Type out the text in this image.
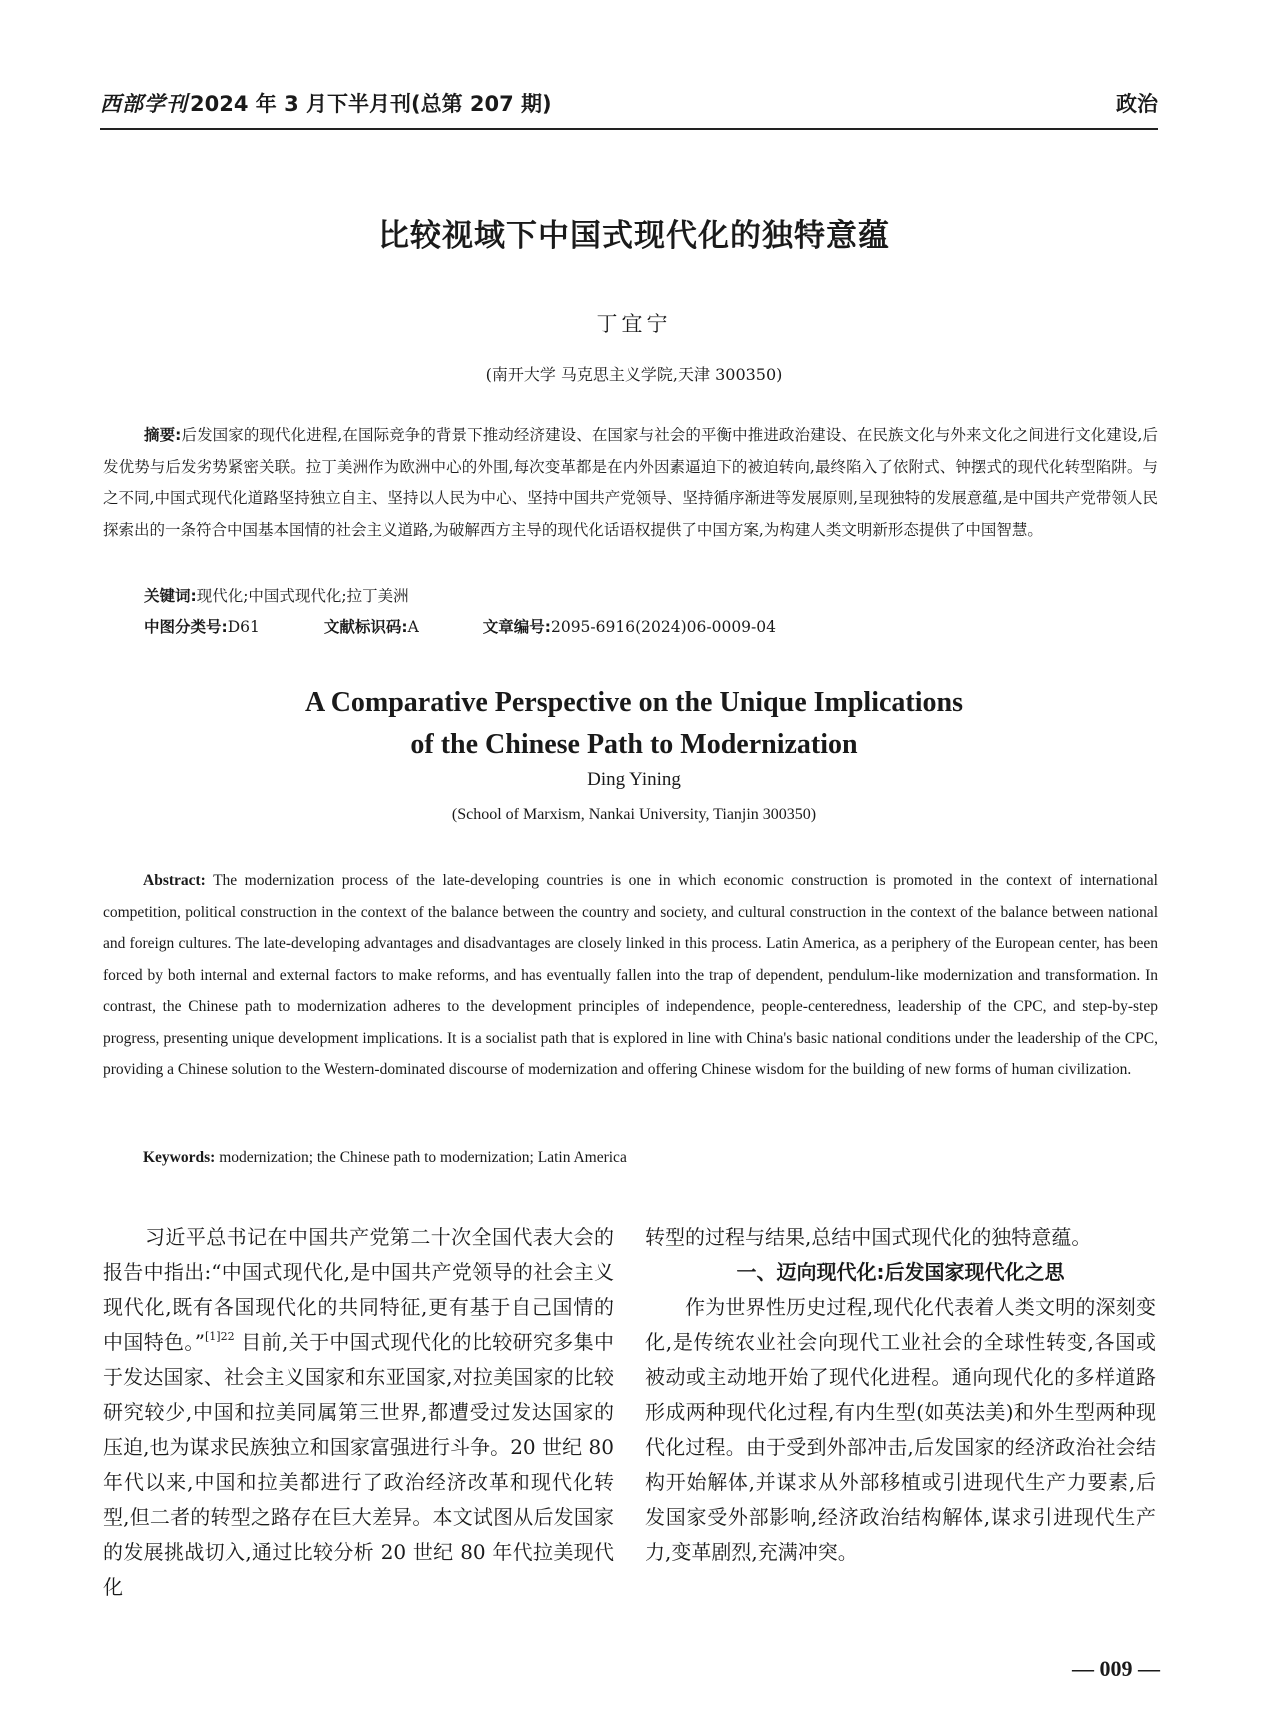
西部学刊 2024 年 3 月下半月刊(总第 207 期)	政治
比较视域下中国式现代化的独特意蕴
丁宜宁
(南开大学 马克思主义学院,天津 300350)
摘要:后发国家的现代化进程,在国际竞争的背景下推动经济建设、在国家与社会的平衡中推进政治建设、在民族文化与外来文化之间进行文化建设,后发优势与后发劣势紧密关联。拉丁美洲作为欧洲中心的外围,每次变革都是在内外因素逼迫下的被迫转向,最终陷入了依附式、钟摆式的现代化转型陷阱。与之不同,中国式现代化道路坚持独立自主、坚持以人民为中心、坚持中国共产党领导、坚持循序渐进等发展原则,呈现独特的发展意蕴,是中国共产党带领人民探索出的一条符合中国基本国情的社会主义道路,为破解西方主导的现代化话语权提供了中国方案,为构建人类文明新形态提供了中国智慧。
关键词:现代化;中国式现代化;拉丁美洲
中图分类号:D61	文献标识码:A	文章编号:2095-6916(2024)06-0009-04
A Comparative Perspective on the Unique Implications
of the Chinese Path to Modernization
Ding Yining
(School of Marxism, Nankai University, Tianjin 300350)
Abstract: The modernization process of the late-developing countries is one in which economic construction is promoted in the context of international competition, political construction in the context of the balance between the country and society, and cultural construction in the context of the balance between national and foreign cultures. The late-developing advantages and disadvantages are closely linked in this process. Latin America, as a periphery of the European center, has been forced by both internal and external factors to make reforms, and has eventually fallen into the trap of dependent, pendulum-like modernization and transformation. In contrast, the Chinese path to modernization adheres to the development principles of independence, people-centeredness, leadership of the CPC, and step-by-step progress, presenting unique development implications. It is a socialist path that is explored in line with China's basic national conditions under the leadership of the CPC, providing a Chinese solution to the Western-dominated discourse of modernization and offering Chinese wisdom for the building of new forms of human civilization.
Keywords: modernization; the Chinese path to modernization; Latin America
习近平总书记在中国共产党第二十次全国代表大会的报告中指出:“中国式现代化,是中国共产党领导的社会主义现代化,既有各国现代化的共同特征,更有基于自己国情的中国特色。”$^{[1]22}$ 目前,关于中国式现代化的比较研究多集中于发达国家、社会主义国家和东亚国家,对拉美国家的比较研究较少,中国和拉美同属第三世界,都遭受过发达国家的压迫,也为谋求民族独立和国家富强进行斗争。20 世纪 80 年代以来,中国和拉美都进行了政治经济改革和现代化转型,但二者的转型之路存在巨大差异。本文试图从后发国家的发展挑战切入,通过比较分析 20 世纪 80 年代拉美现代化

转型的过程与结果,总结中国式现代化的独特意蕴。

一、迈向现代化:后发国家现代化之思

作为世界性历史过程,现代化代表着人类文明的深刻变化,是传统农业社会向现代工业社会的全球性转变,各国或被动或主动地开始了现代化进程。通向现代化的多样道路形成两种现代化过程,有内生型(如英法美)和外生型两种现代化过程。由于受到外部冲击,后发国家的经济政治社会结构开始解体,并谋求从外部移植或引进现代生产力要素,后发国家受外部影响,经济政治结构解体,谋求引进现代生产力,变革剧烈,充满冲突。

— 009 —
